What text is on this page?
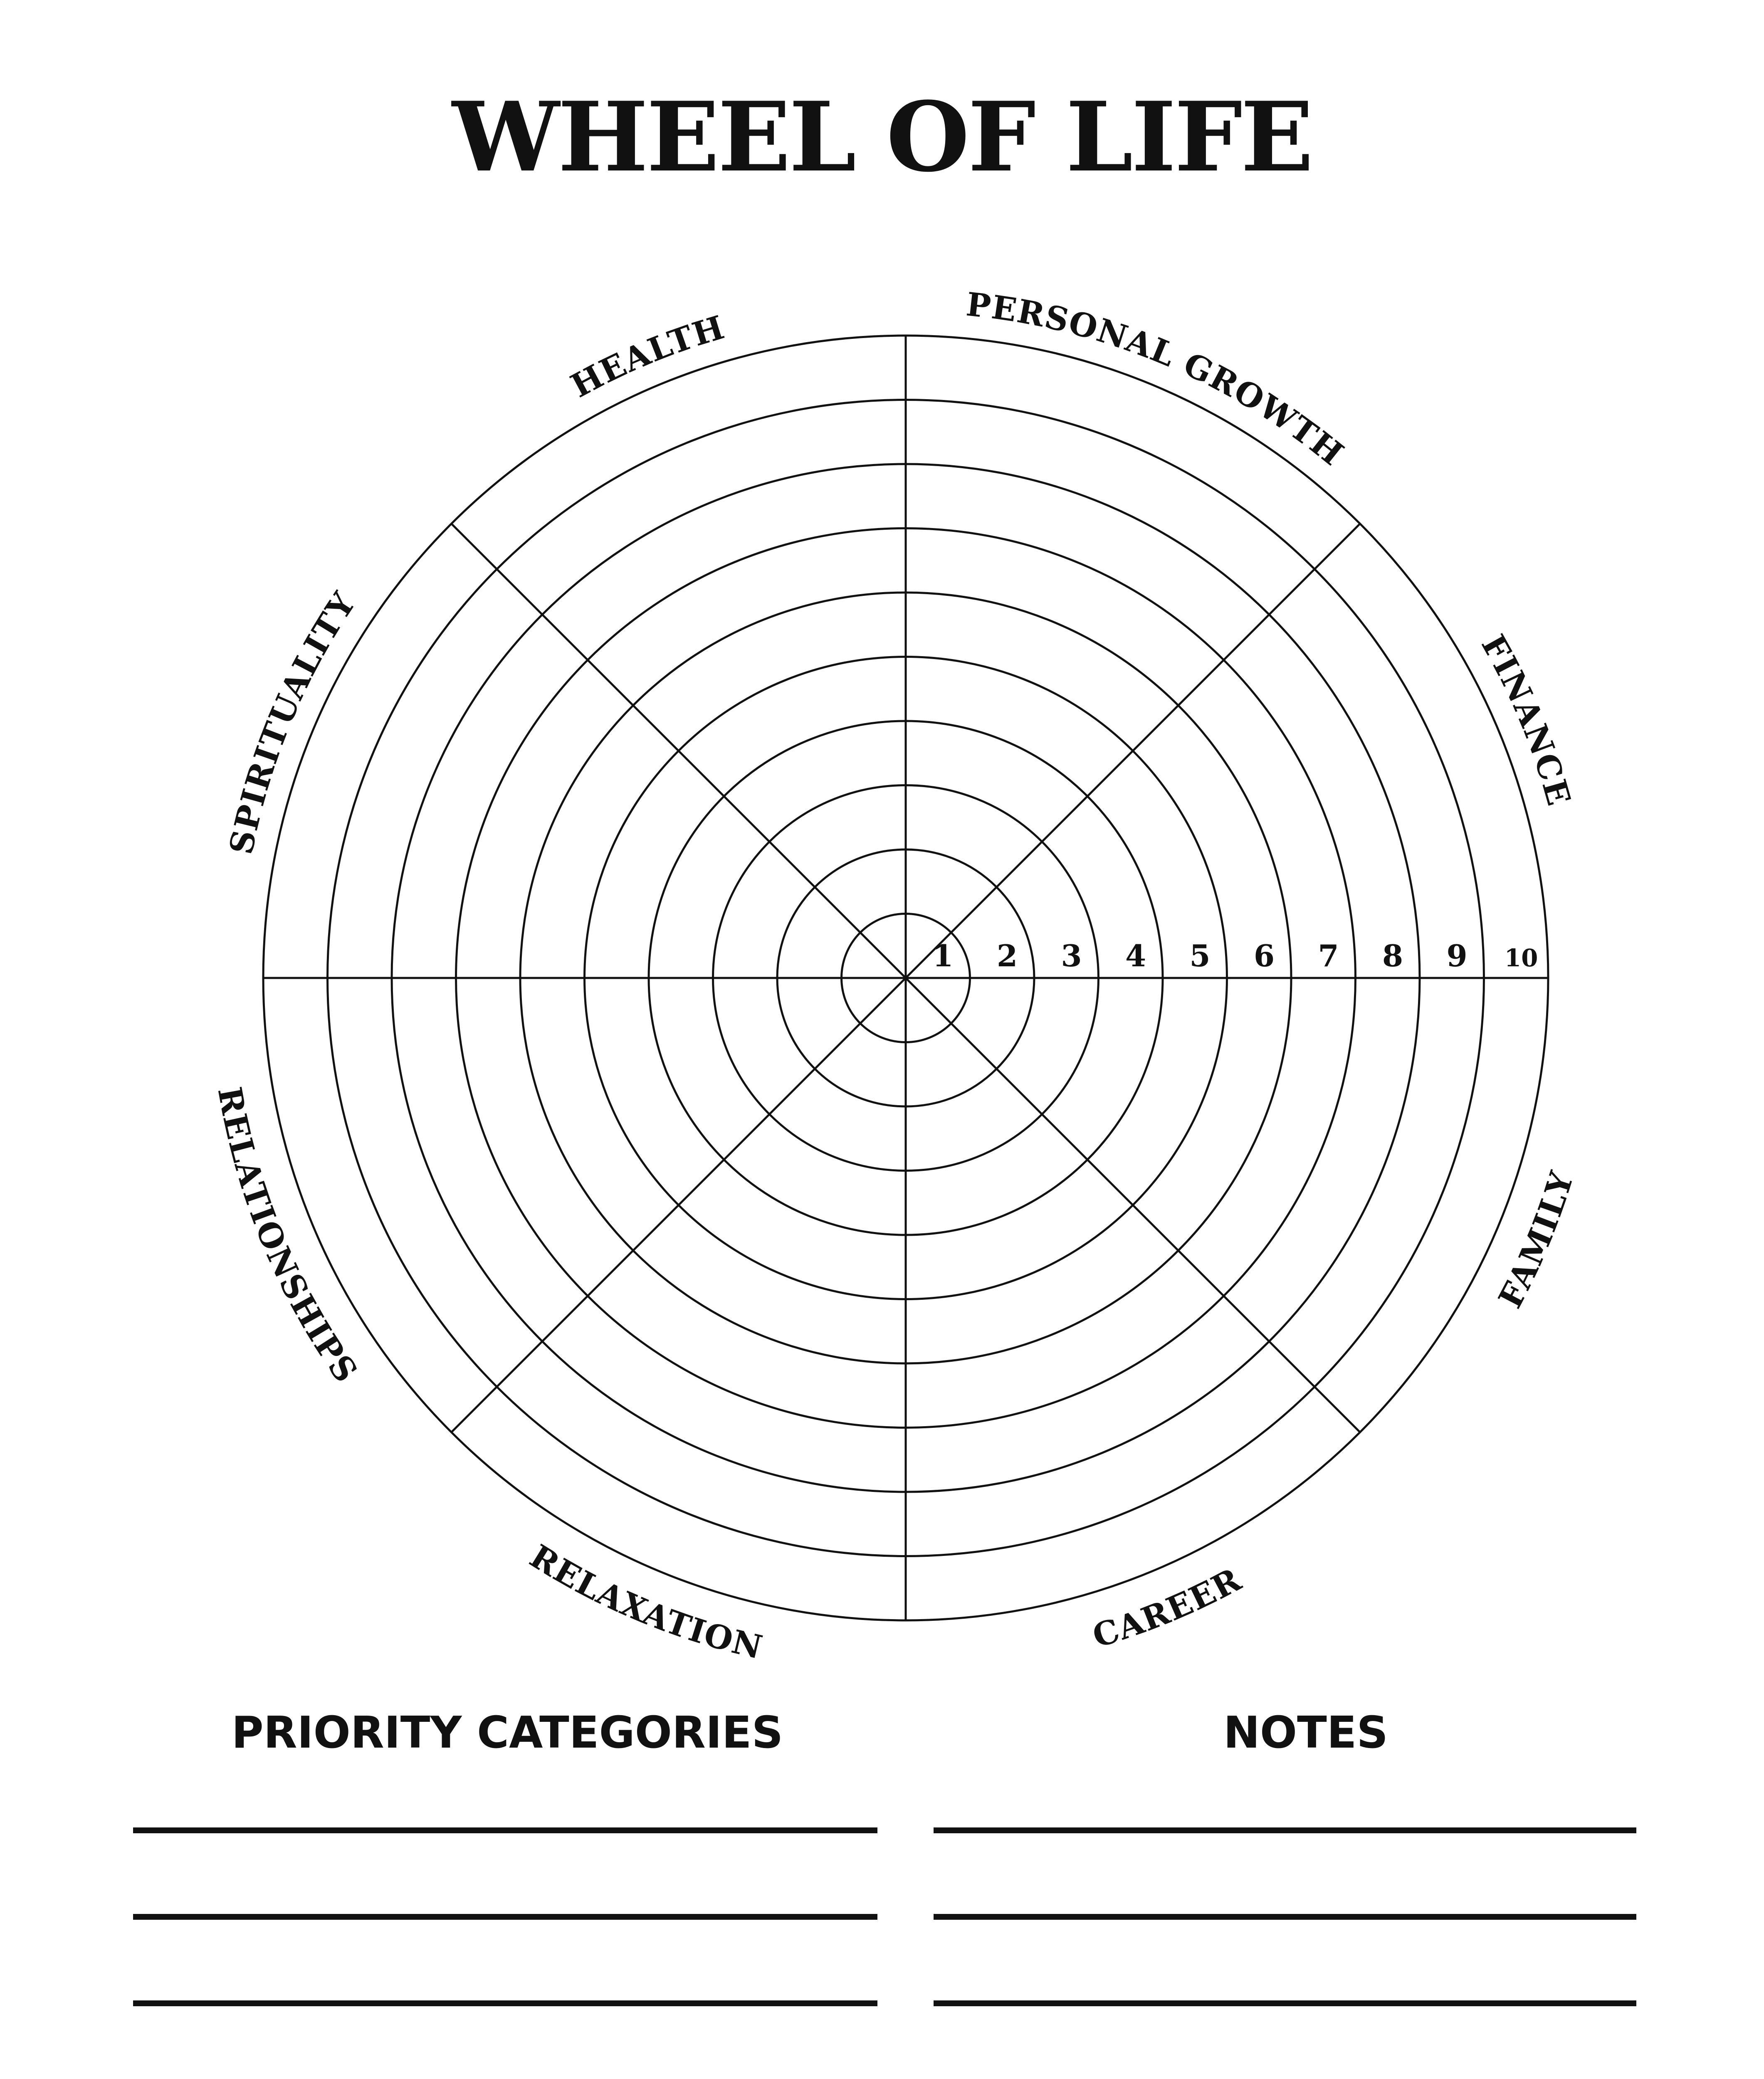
WHEEL OF LIFE
1 2 3 4 5 6 7 8 9 10
PERSONAL GROWTH
FINANCE
FAMILY
CAREER
RELAXATION
RELATIONSHIPS
SPIRITUALITY
HEALTH
PRIORITY CATEGORIES	NOTES
